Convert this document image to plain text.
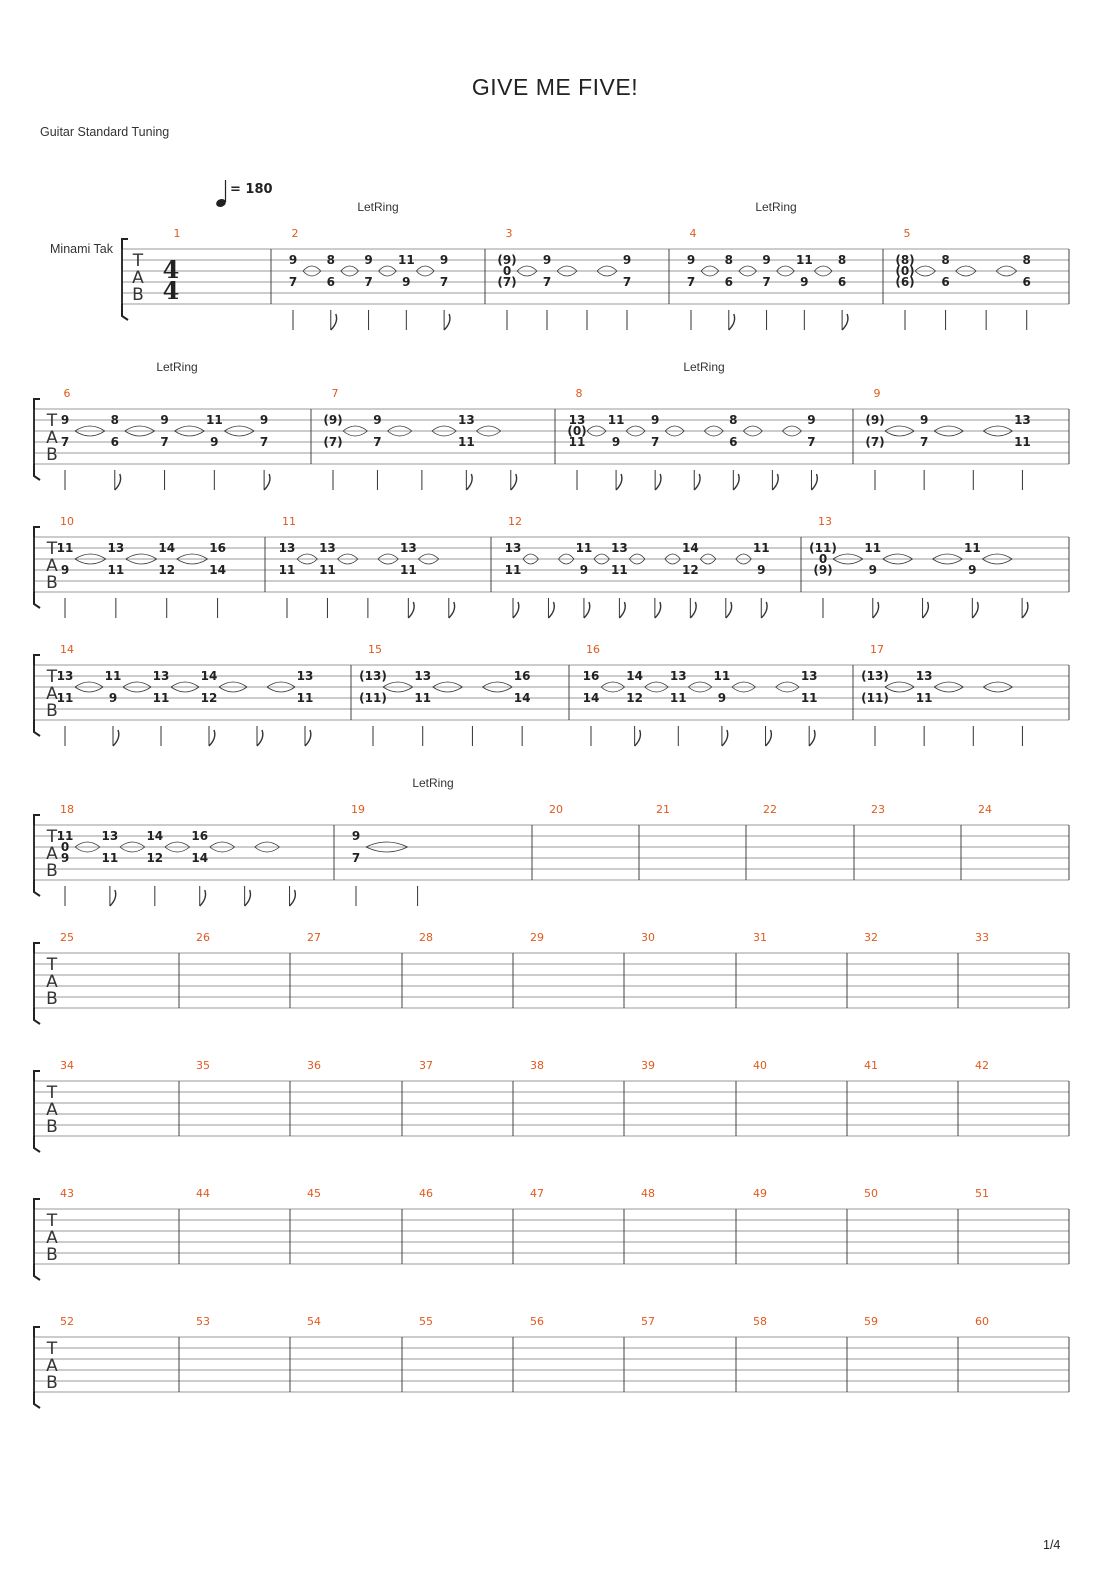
GIVE ME FIVE!
Guitar Standard Tuning
Minami Tak
1/4
= 180
T
A
B
4
4
1	2
LetRing
9
7
8
6
9
7
11
9
9
7
3
(9)
0
(7)
9
7
9
7
4
LetRing
9
7
8
6
9
7
11
9
8
6
5
(8)
(0)
(6)
8
6
8
6
T
A
B
6
LetRing
9
7
8
6
9
7
11
9
9
7
7
(9)
(7)
9
7
13
11
8
LetRing
13
(0)
11
11
9
9
7
8
6
9
7
9
(9)
(7)
9
7
13
11
T
A
B
10
11
9
13
11
14
12
16
14
11
13
11
13
11
13
11
12
13
11
11
9
13
11
14
12
11
9
13
(11)
0
(9)
11
9
11
9
T
A
B
14
13
11
11
9
13
11
14
12
13
11
15
(13)
(11)
13
11
16
14
16
16
14
14
12
13
11
11
9
13
11
17
(13)
(11)
13
11
T
A
B
18
11
0
9
13
11
14
12
16
14
19
LetRing
9
7
20	21	22	23	24
T
A
B
25	26	27	28	29	30	31	32	33
T
A
B
34	35	36	37	38	39	40	41	42
T
A
B
43	44	45	46	47	48	49	50	51
T
A
B
52	53	54	55	56	57	58	59	60
